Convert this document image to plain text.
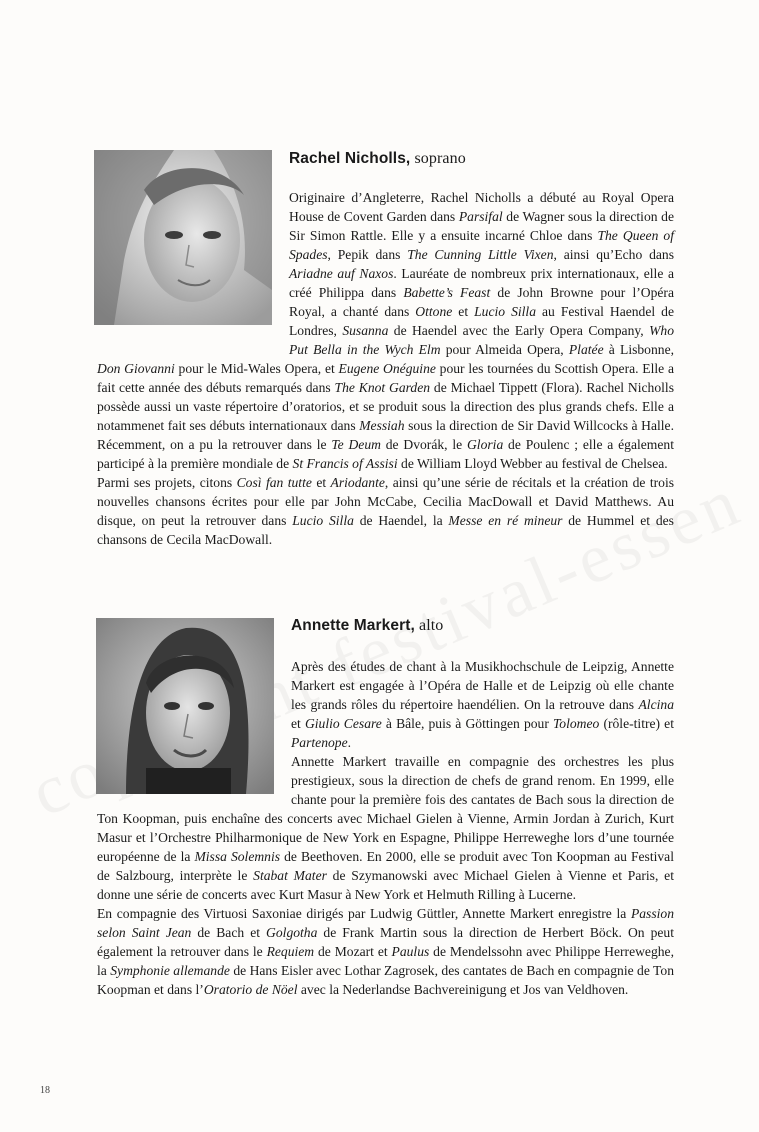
Rachel Nicholls, soprano

Originaire d’Angleterre, Rachel Nicholls a débuté au Royal Opera House de Covent Garden dans Parsifal de Wagner sous la direction de Sir Simon Rattle. Elle y a ensuite incarné Chloe dans The Queen of Spades, Pepik dans The Cunning Little Vixen, ainsi qu’Echo dans Ariadne auf Naxos. Lauréate de nombreux prix internationaux, elle a créé Philippa dans Babette’s Feast de John Browne pour l’Opéra Royal, a chanté dans Ottone et Lucio Silla au Festival Haendel de Londres, Susanna de Haendel avec the Early Opera Company, Who Put Bella in the Wych Elm pour Almeida Opera, Platée à Lisbonne, Don Giovanni pour le Mid-Wales Opera, et Eugene Onéguine pour les tournées du Scottish Opera. Elle a fait cette année des débuts remarqués dans The Knot Garden de Michael Tippett (Flora). Rachel Nicholls possède aussi un vaste répertoire d’oratorios, et se produit sous la direction des plus grands chefs. Elle a notammenet fait ses débuts internationaux dans Messiah sous la direction de Sir David Willcocks à Halle. Récemment, on a pu la retrouver dans le Te Deum de Dvorák, le Gloria de Poulenc ; elle a également participé à la première mondiale de St Francis of Assisi de William Lloyd Webber au festival de Chelsea.

Parmi ses projets, citons Così fan tutte et Ariodante, ainsi qu’une série de récitals et la création de trois nouvelles chansons écrites pour elle par John McCabe, Cecilia MacDowall et David Matthews. Au disque, on peut la retrouver dans Lucio Silla de Haendel, la Messe en ré mineur de Hummel et des chansons de Cecila MacDowall.

Annette Markert, alto

Après des études de chant à la Musikhochschule de Leipzig, Annette Markert est engagée à l’Opéra de Halle et de Leipzig où elle chante les grands rôles du répertoire haendélien. On la retrouve dans Alcina et Giulio Cesare à Bâle, puis à Göttingen pour Tolomeo (rôle-titre) et Partenope.

Annette Markert travaille en compagnie des orchestres les plus prestigieux, sous la direction de chefs de grand renom. En 1999, elle chante pour la première fois des cantates de Bach sous la direction de Ton Koopman, puis enchaîne des concerts avec Michael Gielen à Vienne, Armin Jordan à Zurich, Kurt Masur et l’Orchestre Philharmonique de New York en Espagne, Philippe Herreweghe lors d’une tournée européenne de la Missa Solemnis de Beethoven. En 2000, elle se produit avec Ton Koopman au Festival de Salzbourg, interprète le Stabat Mater de Szymanowski avec Michael Gielen à Vienne et Paris, et donne une série de concerts avec Kurt Masur à New York et Helmuth Rilling à Lucerne.

En compagnie des Virtuosi Saxoniae dirigés par Ludwig Güttler, Annette Markert enregistre la Passion selon Saint Jean de Bach et Golgotha de Frank Martin sous la direction de Herbert Böck. On peut également la retrouver dans le Requiem de Mozart et Paulus de Mendelssohn avec Philippe Herreweghe, la Symphonie allemande de Hans Eisler avec Lothar Zagrosek, des cantates de Bach en compagnie de Ton Koopman et dans l’Oratorio de Nöel avec la Nederlandse Bachvereinigung et Jos van Veldhoven.

18
